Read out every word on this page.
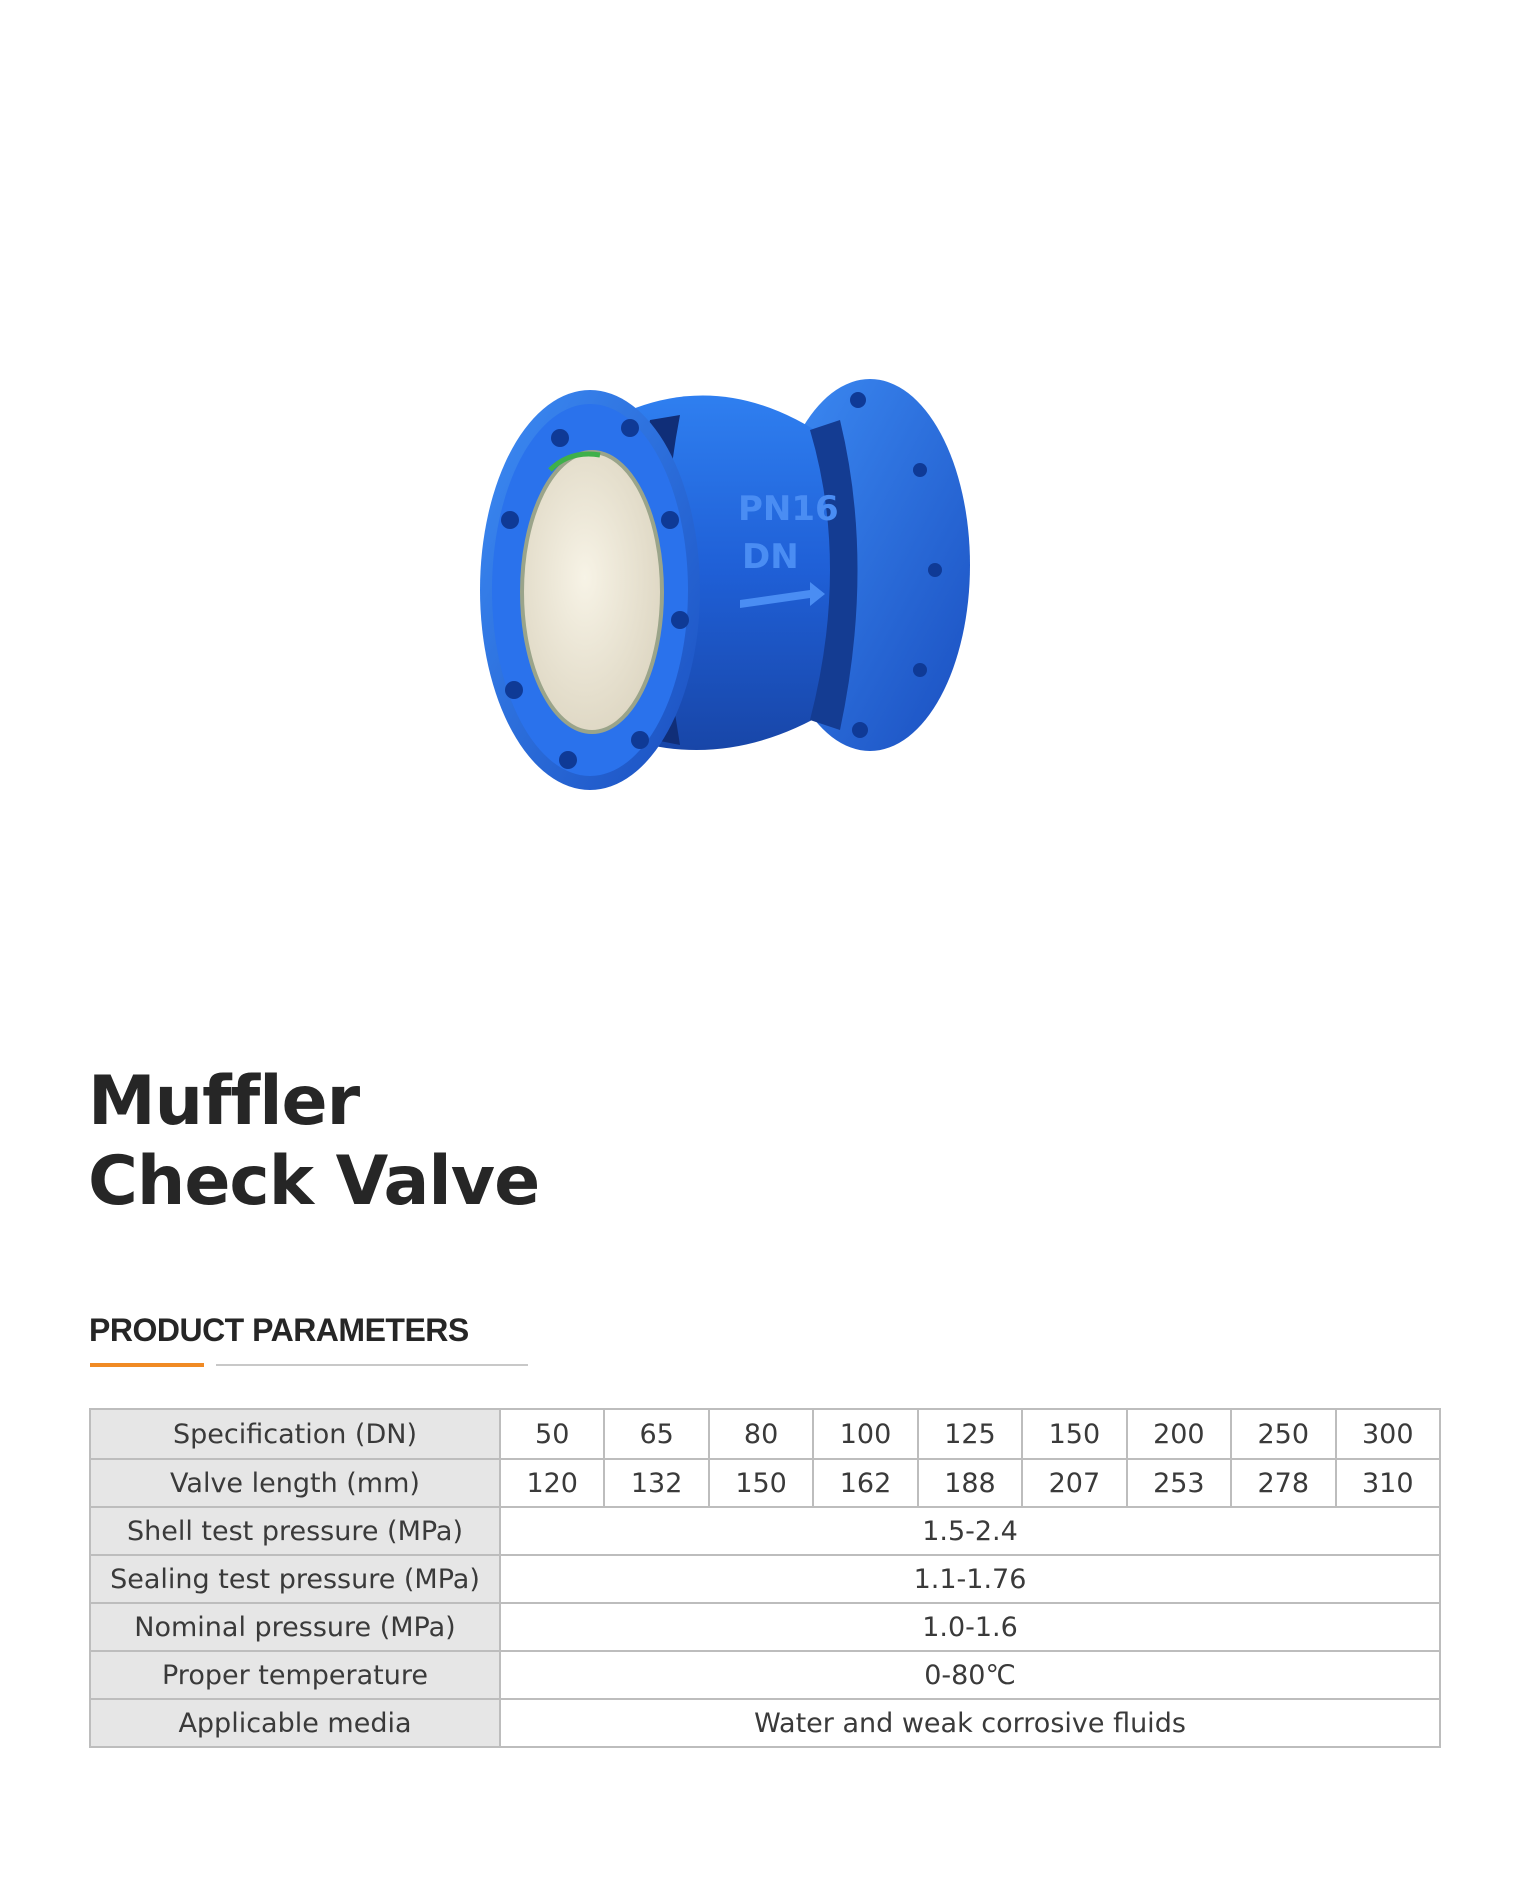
PN16
DN
Muffler
Check Valve
PRODUCT PARAMETERS
Specification (DN)	50	65	80	100	125	150	200	250	300
Valve length (mm)	120	132	150	162	188	207	253	278	310
Shell test pressure (MPa)	1.5-2.4								
Sealing test pressure (MPa)	1.1-1.76								
Nominal pressure (MPa)	1.0-1.6								
Proper temperature	0-80℃								
Applicable media	Water and weak corrosive fluids								
